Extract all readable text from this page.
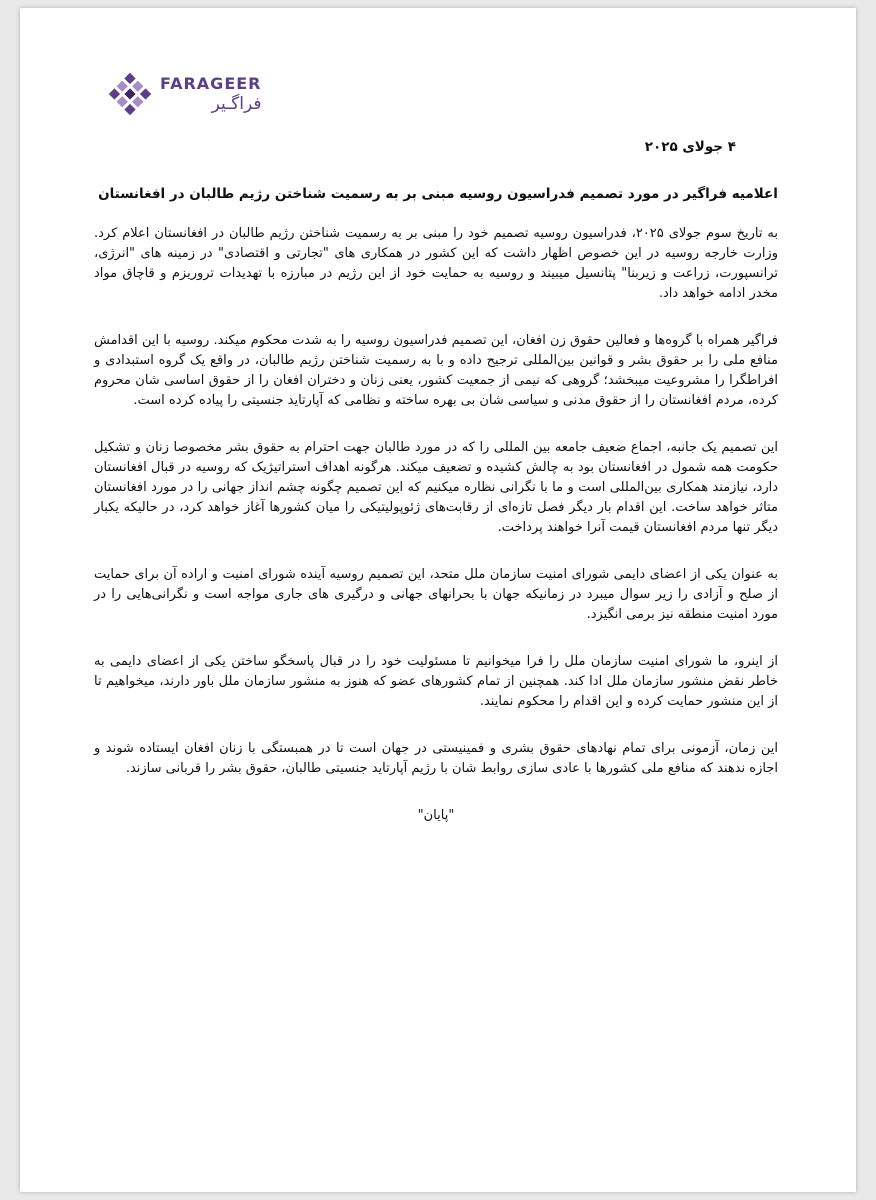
FARAGEER
فراگـیر
۴ جولای ۲۰۲۵
اعلامیه فراگیر در مورد تصمیم فدراسیون روسیه مبنی بر به رسمیت شناختن رژیم طالبان در افغانستان

به تاریخ سوم جولای ۲۰۲۵، فدراسیون روسیه تصمیم خود را مبنی بر به رسمیت شناختن رژیم طالبان در افغانستان اعلام کرد. وزارت خارجه روسیه در این خصوص اظهار داشت که این کشور در همکاری های "تجارتی و اقتصادی" در زمینه های "انرژی، ترانسپورت، زراعت و زیربنا" پتانسیل میبیند و روسیه به حمایت خود از این رژیم در مبارزه با تهدیدات تروریزم و قاچاق مواد مخدر ادامه خواهد داد.

فراگیر همراه با گروه‌ها و فعالین حقوق زن افغان، این تصمیم فدراسیون روسیه را به شدت محکوم میکند. روسیه با این اقدامش منافع ملی را بر حقوق بشر و قوانین بین‌المللی ترجیح داده و با به رسمیت شناختن رژیم طالبان، در واقع یک گروه استبدادی و افراطگرا را مشروعیت میبخشد؛ گروهی که نیمی از جمعیت کشور، یعنی زنان و دختران افغان را از حقوق اساسی شان محروم کرده، مردم افغانستان را از حقوق مدنی و سیاسی شان بی بهره ساخته و نظامی که آپارتاید جنسیتی را پیاده کرده است.

این تصمیم یک جانبه، اجماع ضعیف جامعه بین المللی را که در مورد طالبان جهت احترام به حقوق بشر مخصوصا زنان و تشکیل حکومت همه شمول در افغانستان بود به چالش کشیده و تضعیف میکند. هرگونه اهداف استراتیژیک که روسیه در قبال افغانستان دارد، نیازمند همکاری بین‌المللی است و ما با نگرانی نظاره میکنیم که این تصمیم چگونه چشم انداز جهانی را در مورد افغانستان متاثر خواهد ساخت. این اقدام بار دیگر فصل تازه‌ای از رقابت‌های ژئوپولیتیکی را میان کشورها آغاز خواهد کرد، در حالیکه یکبار دیگر تنها مردم افغانستان قیمت آنرا خواهند پرداخت.

به عنوان یکی از اعضای دایمی شورای امنیت سازمان ملل متحد، این تصمیم روسیه آینده شورای امنیت و اراده آن برای حمایت از صلح و آزادی را زیر سوال میبرد در زمانیکه جهان با بحرانهای جهانی و درگیری های جاری مواجه است و نگرانی‌هایی را در مورد امنیت منطقه نیز برمی انگیزد.

از اینرو، ما شورای امنیت سازمان ملل را فرا میخوانیم تا مسئولیت خود را در قبال پاسخگو ساختن یکی از اعضای دایمی به خاطر نقض منشور سازمان ملل ادا کند. همچنین از تمام کشورهای عضو که هنوز به منشور سازمان ملل باور دارند، میخواهیم تا از این منشور حمایت کرده و این اقدام را محکوم نمایند.

این زمان، آزمونی برای تمام نهادهای حقوق بشری و فمینیستی در جهان است تا در همبستگی با زنان افغان ایستاده شوند و اجازه ندهند که منافع ملی کشورها با عادی سازی روابط شان با رژیم آپارتاید جنسیتی طالبان، حقوق بشر را قربانی سازند.

"پایان"
